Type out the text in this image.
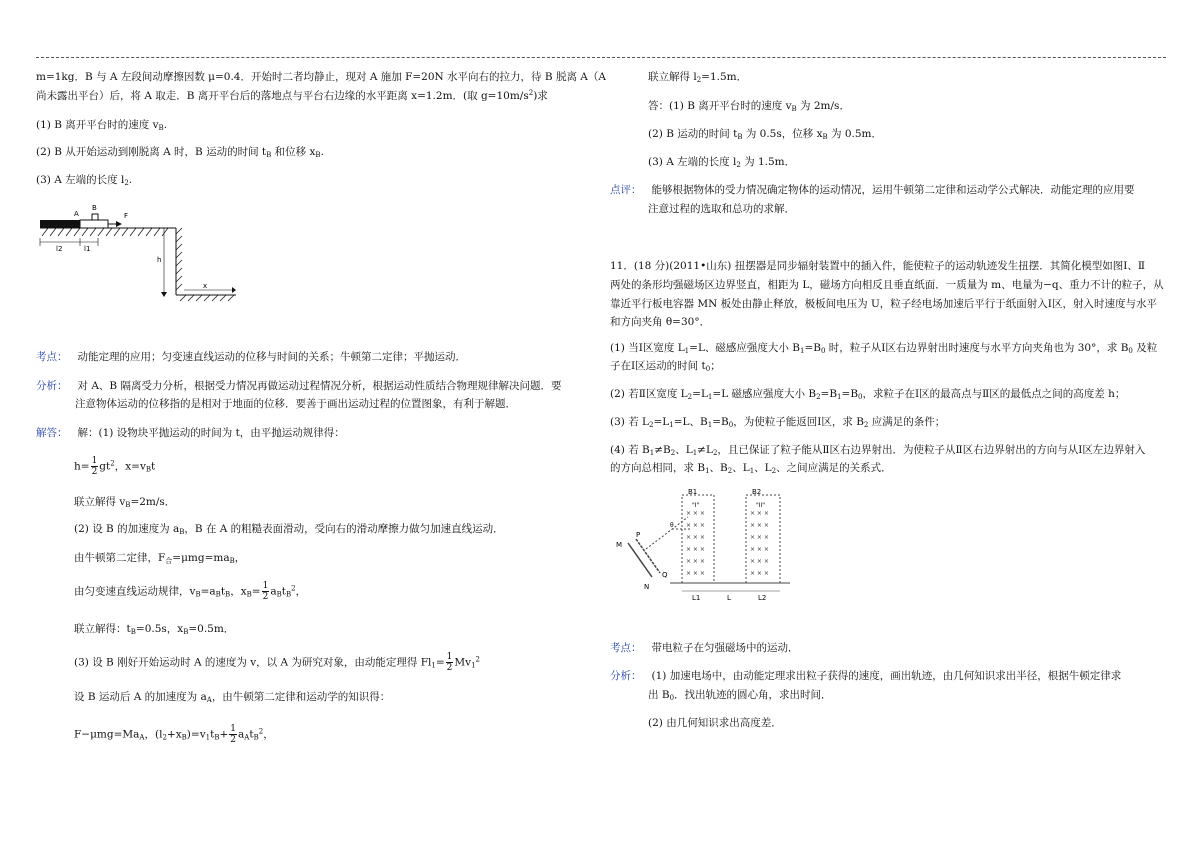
m=1kg．B 与 A 左段间动摩擦因数 μ=0.4．开始时二者均静止，现对 A 施加 F=20N 水平向右的拉力，待 B 脱离 A（A

尚未露出平台）后，将 A 取走．B 离开平台后的落地点与平台右边缘的水平距离 x=1.2m．(取 $g=10m/s^2$)求

(1) B 离开平台时的速度 $v_B$.

(2) B 从开始运动到刚脱离 A 时，B 运动的时间 $t_B$ 和位移 $x_B$.

(3) A 左端的长度 $l_2$.

A
B
F
l2	l1
h
x

考点： 动能定理的应用；匀变速直线运动的位移与时间的关系；牛顿第二定律；平抛运动．

分析： 对 A、B 隔离受力分析，根据受力情况再做运动过程情况分析，根据运动性质结合物理规律解决问题．要

注意物体运动的位移指的是相对于地面的位移．要善于画出运动过程的位置图象，有利于解题．

解答： 解：(1) 设物块平抛运动的时间为 t，由平抛运动规律得：

$h= \frac{1}{2} gt^2$，$x=v_Bt$

联立解得 $v_B=2m/s$．

(2) 设 B 的加速度为 $a_B$，B 在 A 的粗糙表面滑动，受向右的滑动摩擦力做匀加速直线运动．

由牛顿第二定律，$F_合=\mu mg=ma_B$，

由匀变速直线运动规律，$v_B=a_Bt_B$，$x_B= \frac{1}{2} a_Bt_B^2$，

联立解得：$t_B=0.5s$，$x_B=0.5m$．

(3) 设 B 刚好开始运动时 A 的速度为 v，以 A 为研究对象，由动能定理得 $Fl_1= \frac{1}{2} Mv_1^2$

设 B 运动后 A 的加速度为 $a_A$，由牛顿第二定律和运动学的知识得：

$F-\mu mg=Ma_A$，$(l_2+x_B)=v_1t_B+ \frac{1}{2} a_At_B^2$，

联立解得 $l_2=1.5m$．

答：(1) B 离开平台时的速度 $v_B$ 为 2m/s．

(2) B 运动的时间 $t_B$ 为 0.5s，位移 $x_B$ 为 0.5m．

(3) A 左端的长度 $l_2$ 为 1.5m．

点评： 能够根据物体的受力情况确定物体的运动情况，运用牛顿第二定律和运动学公式解决．动能定理的应用要

注意过程的选取和总功的求解．

11．(18 分)(2011•山东) 扭摆器是同步辐射装置中的插入件，能使粒子的运动轨迹发生扭摆．其简化模型如图Ⅰ、Ⅱ

两处的条形均强磁场区边界竖直，相距为 L，磁场方向相反且垂直纸面．一质量为 m、电量为−q、重力不计的粒子，从

靠近平行板电容器 MN 板处由静止释放，极板间电压为 U，粒子经电场加速后平行于纸面射入Ⅰ区，射入时速度与水平

和方向夹角 θ=30°．

(1) 当Ⅰ区宽度 $L_1=L$、磁感应强度大小 $B_1=B_0$ 时，粒子从Ⅰ区右边界射出时速度与水平方向夹角也为 30°，求 $B_0$ 及粒

子在Ⅰ区运动的时间 $t_0$；

(2) 若Ⅱ区宽度 $L_2=L_1=L$ 磁感应强度大小 $B_2=B_1=B_0$，求粒子在Ⅰ区的最高点与Ⅱ区的最低点之间的高度差 h；

(3) 若 $L_2=L_1=L$、$B_1=B_0$，为使粒子能返回Ⅰ区，求 $B_2$ 应满足的条件；

(4) 若 $B_1\ne B_2$、$L_1\ne L_2$，且已保证了粒子能从Ⅱ区右边界射出．为使粒子从Ⅱ区右边界射出的方向与从Ⅰ区左边界射入

的方向总相同，求 $B_1$、$B_2$、$L_1$、$L_2$、之间应满足的关系式．

× × ×
× × ×
× × ×
× × ×
× × ×
× × ×
× × ×
× × ×
× × ×
× × ×
× × ×
× × ×
B1	B2
"I"	"II"
M
N
P
Q
θ
L1	L	L2

考点： 带电粒子在匀强磁场中的运动．

分析： (1) 加速电场中，由动能定理求出粒子获得的速度，画出轨迹，由几何知识求出半径，根据牛顿定律求

出 $B_0$．找出轨迹的圆心角，求出时间．

(2) 由几何知识求出高度差．
